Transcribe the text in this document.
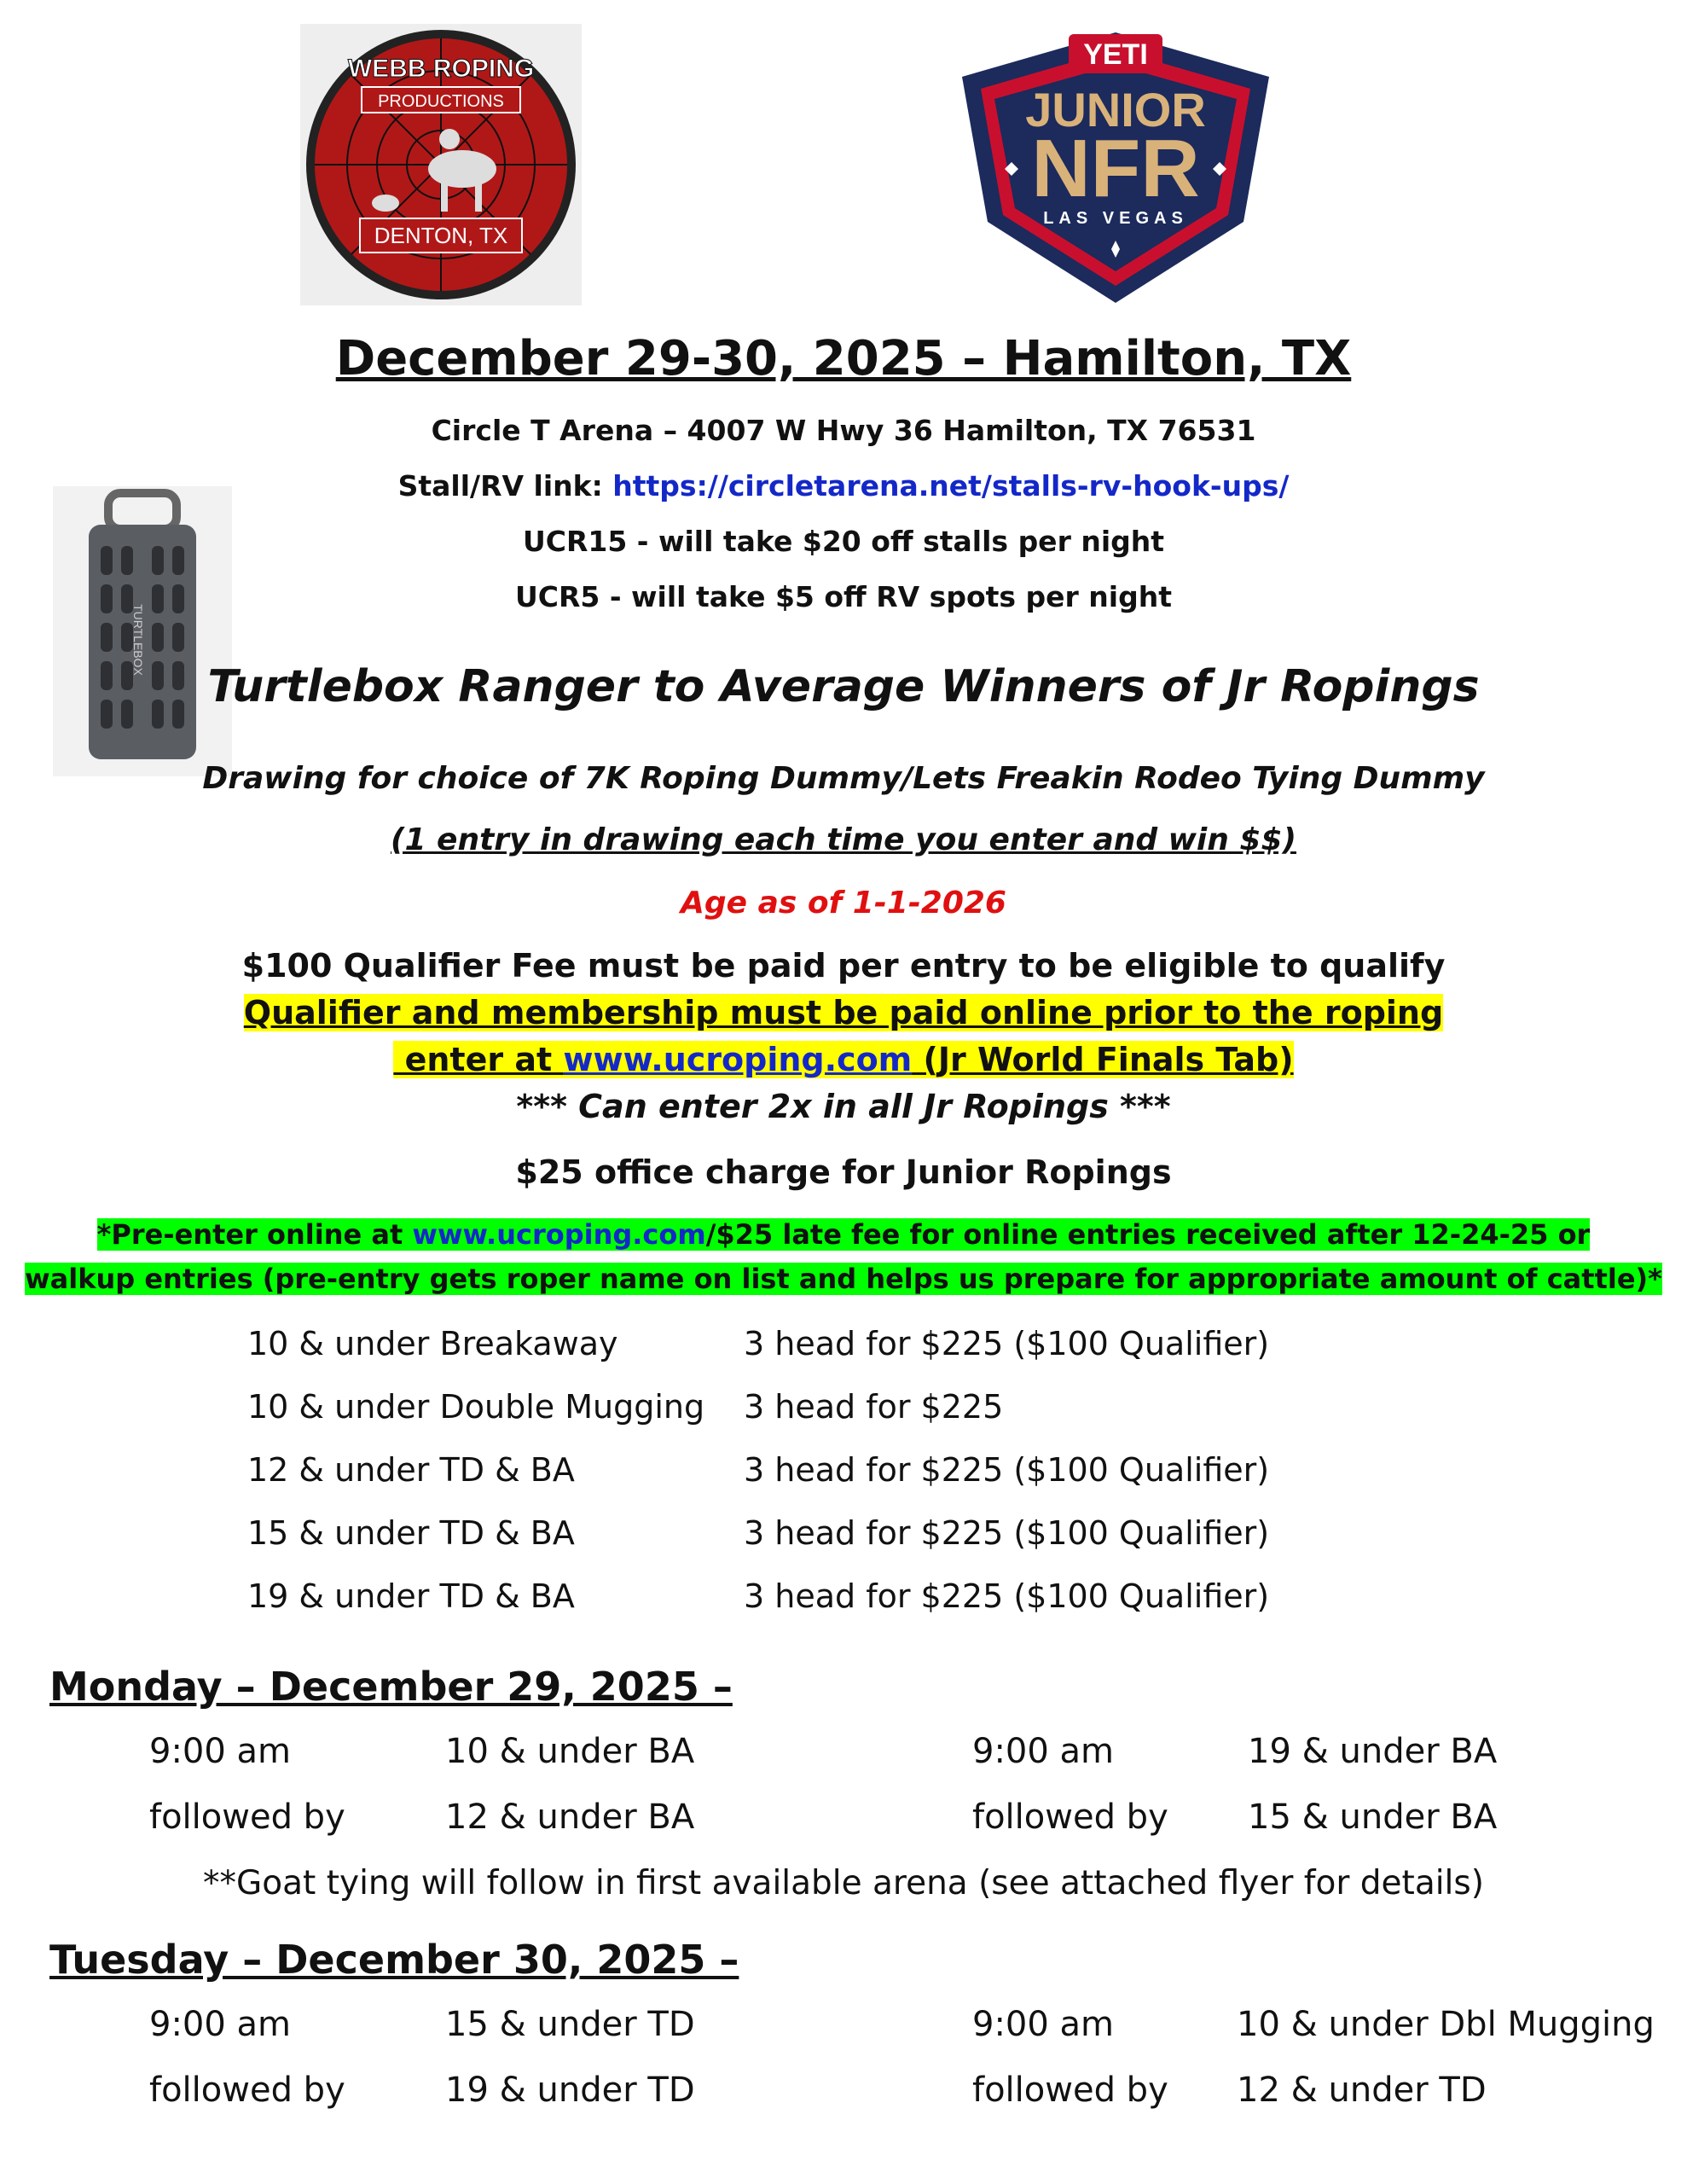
WEBB ROPING
PRODUCTIONS
DENTON, TX
YETI
JUNIOR
NFR
LAS VEGAS
TURTLEBOX
December 29-30, 2025 – Hamilton, TX
Circle T Arena – 4007 W Hwy 36 Hamilton, TX 76531
Stall/RV link: https://circletarena.net/stalls-rv-hook-ups/
UCR15 - will take $20 off stalls per night
UCR5 - will take $5 off RV spots per night
Turtlebox Ranger to Average Winners of Jr Ropings
Drawing for choice of 7K Roping Dummy/Lets Freakin Rodeo Tying Dummy
(1 entry in drawing each time you enter and win $$)
Age as of 1-1-2026
$100 Qualifier Fee must be paid per entry to be eligible to qualify
Qualifier and membership must be paid online prior to the roping
enter at www.ucroping.com (Jr World Finals Tab)
*** Can enter 2x in all Jr Ropings ***
$25 office charge for Junior Ropings
*Pre-enter online at www.ucroping.com/$25 late fee for online entries received after 12-24-25 or
walkup entries (pre-entry gets roper name on list and helps us prepare for appropriate amount of cattle)*
10 & under Breakaway	3 head for $225 ($100 Qualifier)
10 & under Double Mugging 3 head for $225
12 & under TD & BA	3 head for $225 ($100 Qualifier)
15 & under TD & BA	3 head for $225 ($100 Qualifier)
19 & under TD & BA	3 head for $225 ($100 Qualifier)
Monday – December 29, 2025 –
9:00 am	10 & under BA	9:00 am	19 & under BA
followed by	12 & under BA	followed by 15 & under BA
**Goat tying will follow in first available arena (see attached flyer for details)
Tuesday – December 30, 2025 –
9:00 am	15 & under TD	9:00 am	10 & under Dbl Mugging
followed by	19 & under TD	followed by 12 & under TD
